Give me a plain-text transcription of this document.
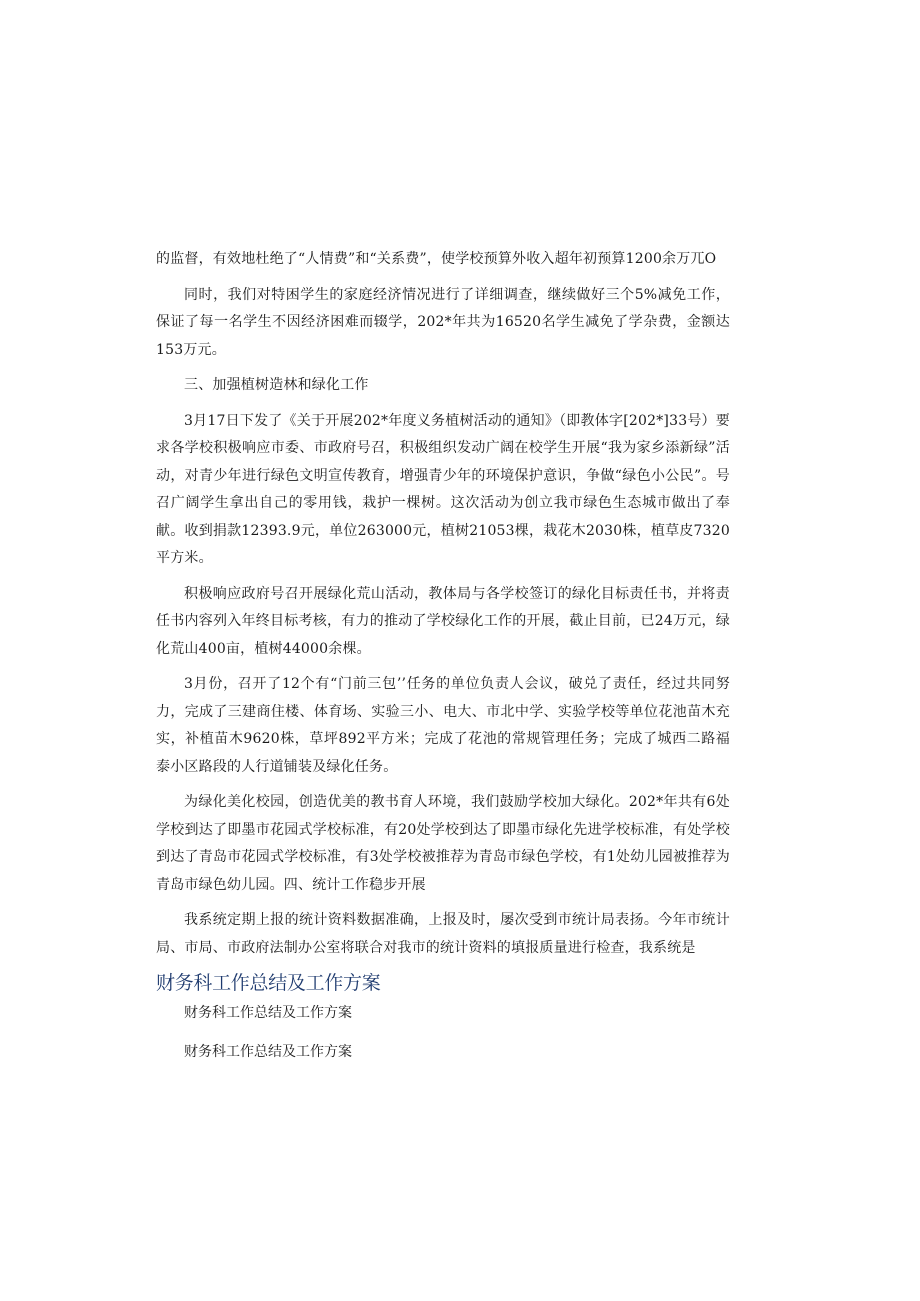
的监督，有效地杜绝了“人情费”和“关系费”，使学校预算外收入超年初预算1200余万兀O

同时，我们对特困学生的家庭经济情况进行了详细调查，继续做好三个5%减免工作，保证了每一名学生不因经济困难而辍学，202*年共为16520名学生减免了学杂费，金额达153万元。

三、加强植树造林和绿化工作

3月17日下发了《关于开展202*年度义务植树活动的通知》（即教体字[202*]33号）要求各学校积极响应市委、市政府号召，积极组织发动广阔在校学生开展“我为家乡添新绿”活动，对青少年进行绿色文明宣传教育，增强青少年的环境保护意识，争做“绿色小公民”。号召广阔学生拿出自己的零用钱，栽护一棵树。这次活动为创立我市绿色生态城市做出了奉献。收到捐款12393.9元，单位263000元，植树21053棵，栽花木2030株，植草皮7320平方米。

积极响应政府号召开展绿化荒山活动，教体局与各学校签订的绿化目标责任书，并将责任书内容列入年终目标考核，有力的推动了学校绿化工作的开展，截止目前，已24万元，绿化荒山400亩，植树44000余棵。

3月份，召开了12个有“门前三包’’任务的单位负责人会议，破兑了责任，经过共同努力，完成了三建商住楼、体育场、实验三小、电大、市北中学、实验学校等单位花池苗木充实，补植苗木9620株，草坪892平方米；完成了花池的常规管理任务；完成了城西二路福泰小区路段的人行道铺装及绿化任务。

为绿化美化校园，创造优美的教书育人环境，我们鼓励学校加大绿化。202*年共有6处学校到达了即墨市花园式学校标准，有20处学校到达了即墨市绿化先进学校标准，有处学校到达了青岛市花园式学校标准，有3处学校被推荐为青岛市绿色学校，有1处幼儿园被推荐为青岛市绿色幼儿园。四、统计工作稳步开展

我系统定期上报的统计资料数据准确，上报及时，屡次受到市统计局表扬。今年市统计局、市局、市政府法制办公室将联合对我市的统计资料的填报质量进行检查，我系统是

财务科工作总结及工作方案

财务科工作总结及工作方案

财务科工作总结及工作方案
